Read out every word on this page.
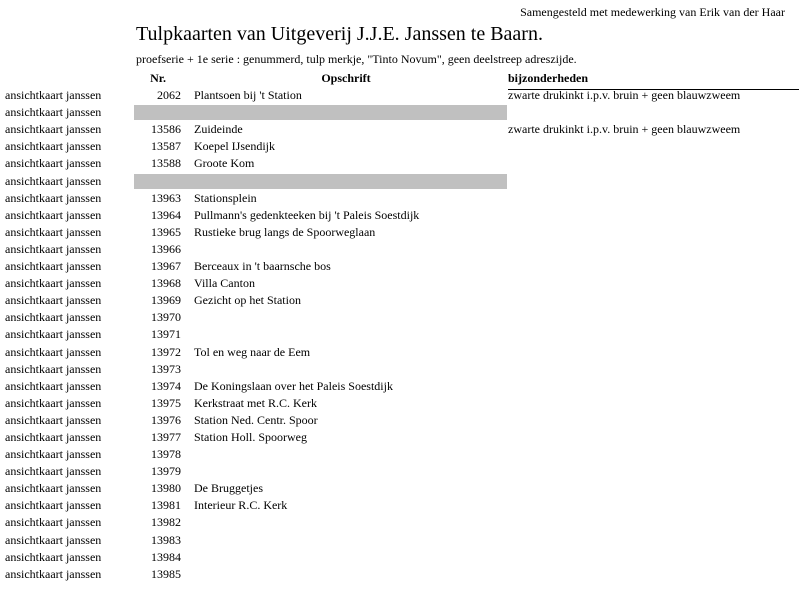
Samengesteld met medewerking van Erik van der Haar
Tulpkaarten van Uitgeverij J.J.E. Janssen te Baarn.
proefserie + 1e serie : genummerd, tulp merkje, "Tinto Novum", geen deelstreep adreszijde.
Nr.	Opschrift	bijzonderheden
ansichtkaart janssen	2062 Plantsoen bij 't Station	zwarte drukinkt i.p.v. bruin + geen blauwzweem
ansichtkaart janssen
ansichtkaart janssen	13586 Zuideinde	zwarte drukinkt i.p.v. bruin + geen blauwzweem
ansichtkaart janssen	13587 Koepel IJsendijk
ansichtkaart janssen	13588 Groote Kom
ansichtkaart janssen
ansichtkaart janssen	13963 Stationsplein
ansichtkaart janssen	13964 Pullmann's gedenkteeken bij 't Paleis Soestdijk
ansichtkaart janssen	13965 Rustieke brug langs de Spoorweglaan
ansichtkaart janssen	13966
ansichtkaart janssen	13967 Berceaux in 't baarnsche bos
ansichtkaart janssen	13968 Villa Canton
ansichtkaart janssen	13969 Gezicht op het Station
ansichtkaart janssen	13970
ansichtkaart janssen	13971
ansichtkaart janssen	13972 Tol en weg naar de Eem
ansichtkaart janssen	13973
ansichtkaart janssen	13974 De Koningslaan over het Paleis Soestdijk
ansichtkaart janssen	13975 Kerkstraat met R.C. Kerk
ansichtkaart janssen	13976 Station Ned. Centr. Spoor
ansichtkaart janssen	13977 Station Holl. Spoorweg
ansichtkaart janssen	13978
ansichtkaart janssen	13979
ansichtkaart janssen	13980 De Bruggetjes
ansichtkaart janssen	13981 Interieur R.C. Kerk
ansichtkaart janssen	13982
ansichtkaart janssen	13983
ansichtkaart janssen	13984
ansichtkaart janssen	13985
